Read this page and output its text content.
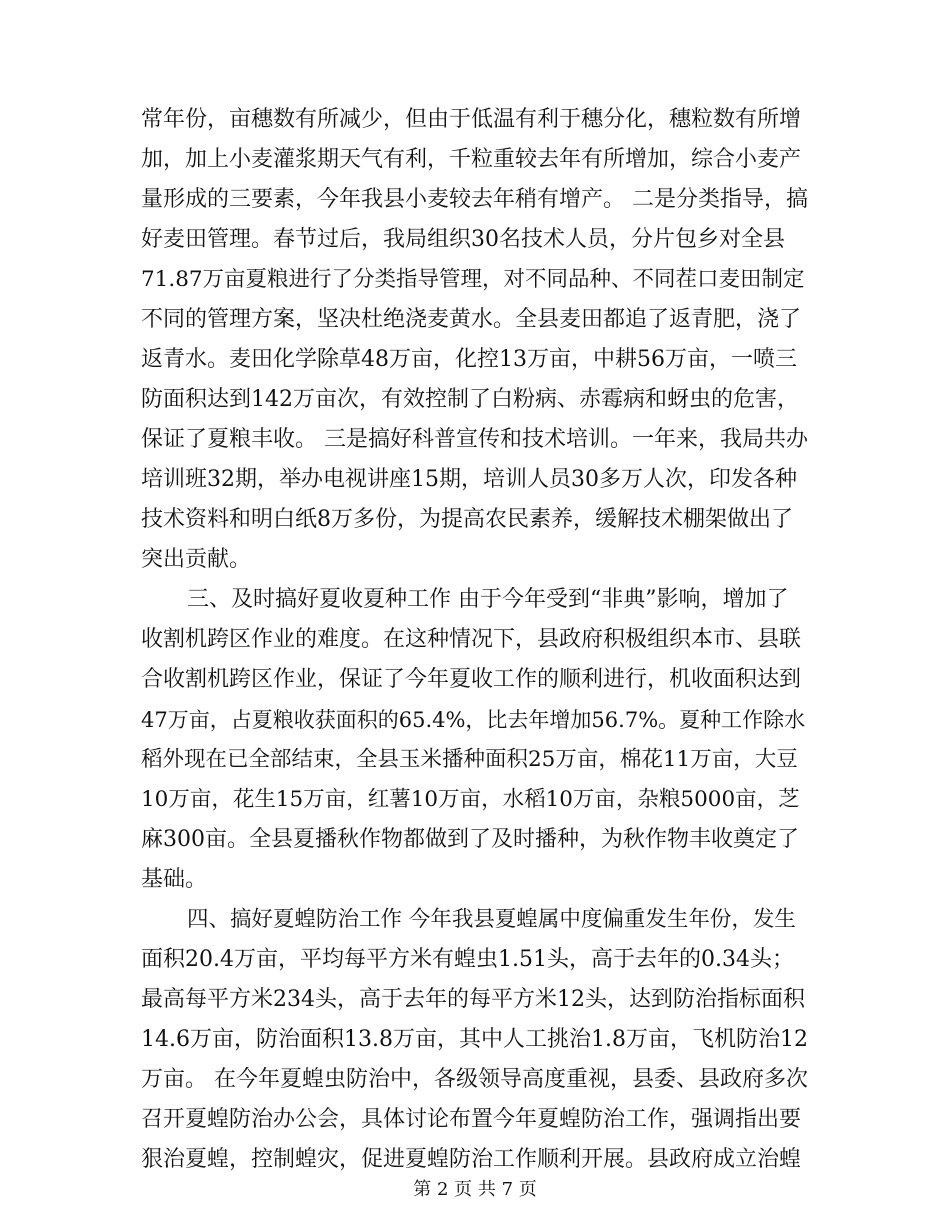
常年份，亩穗数有所减少，但由于低温有利于穗分化，穗粒数有所增
加，加上小麦灌浆期天气有利，千粒重较去年有所增加，综合小麦产
量形成的三要素，今年我县小麦较去年稍有增产。 二是分类指导，搞
好麦田管理。春节过后，我局组织30名技术人员，分片包乡对全县
71.87万亩夏粮进行了分类指导管理，对不同品种、不同茬口麦田制定
不同的管理方案，坚决杜绝浇麦黄水。全县麦田都追了返青肥，浇了
返青水。麦田化学除草48万亩，化控13万亩，中耕56万亩，一喷三
防面积达到142万亩次，有效控制了白粉病、赤霉病和蚜虫的危害，
保证了夏粮丰收。 三是搞好科普宣传和技术培训。一年来，我局共办
培训班32期，举办电视讲座15期，培训人员30多万人次，印发各种
技术资料和明白纸8万多份，为提高农民素养，缓解技术棚架做出了
突出贡献。
三、及时搞好夏收夏种工作 由于今年受到“非典”影响，增加了
收割机跨区作业的难度。在这种情况下，县政府积极组织本市、县联
合收割机跨区作业，保证了今年夏收工作的顺利进行，机收面积达到
47万亩，占夏粮收获面积的65.4%，比去年增加56.7%。夏种工作除水
稻外现在已全部结束，全县玉米播种面积25万亩，棉花11万亩，大豆
10万亩，花生15万亩，红薯10万亩，水稻10万亩，杂粮5000亩，芝
麻300亩。全县夏播秋作物都做到了及时播种，为秋作物丰收奠定了
基础。
四、搞好夏蝗防治工作 今年我县夏蝗属中度偏重发生年份，发生
面积20.4万亩，平均每平方米有蝗虫1.51头，高于去年的0.34头；
最高每平方米234头，高于去年的每平方米12头，达到防治指标面积
14.6万亩，防治面积13.8万亩，其中人工挑治1.8万亩，飞机防治12
万亩。 在今年夏蝗虫防治中，各级领导高度重视，县委、县政府多次
召开夏蝗防治办公会，具体讨论布置今年夏蝗防治工作，强调指出要
狠治夏蝗，控制蝗灾，促进夏蝗防治工作顺利开展。县政府成立治蝗
第 2 页 共 7 页
